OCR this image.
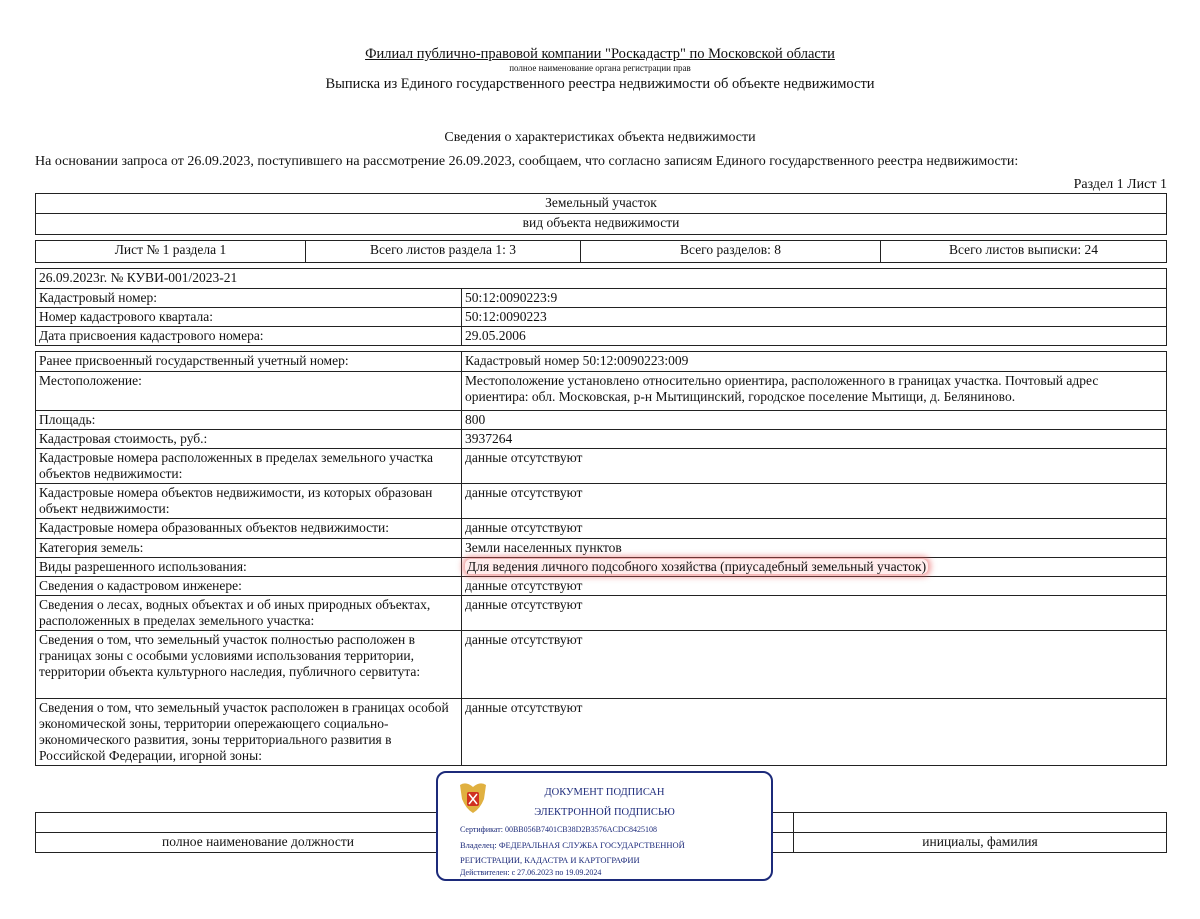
Филиал публично-правовой компании "Роскадастр" по Московской области
полное наименование органа регистрации прав
Выписка из Единого государственного реестра недвижимости об объекте недвижимости
Сведения о характеристиках объекта недвижимости
На основании запроса от 26.09.2023, поступившего на рассмотрение 26.09.2023, сообщаем, что согласно записям Единого государственного реестра недвижимости:
Раздел 1 Лист 1
Земельный участок
вид объекта недвижимости
Лист № 1 раздела 1	Всего листов раздела 1: 3	Всего разделов: 8	Всего листов выписки: 24
26.09.2023г. № КУВИ-001/2023-21	
Кадастровый номер:	50:12:0090223:9
Номер кадастрового квартала:	50:12:0090223
Дата присвоения кадастрового номера:	29.05.2006
Ранее присвоенный государственный учетный номер:	Кадастровый номер 50:12:0090223:009
Местоположение:	Местоположение установлено относительно ориентира, расположенного в границах участка. Почтовый адрес ориентира: обл. Московская, р-н Мытищинский, городское поселение Мытищи, д. Беляниново.
Площадь:	800
Кадастровая стоимость, руб.:	3937264
Кадастровые номера расположенных в пределах земельного участка объектов недвижимости:	данные отсутствуют
Кадастровые номера объектов недвижимости, из которых образован объект недвижимости:	данные отсутствуют
Кадастровые номера образованных объектов недвижимости:	данные отсутствуют
Категория земель:	Земли населенных пунктов
Виды разрешенного использования:	Для ведения личного подсобного хозяйства (приусадебный земельный участок)
Сведения о кадастровом инженере:	данные отсутствуют
Сведения о лесах, водных объектах и об иных природных объектах, расположенных в пределах земельного участка:	данные отсутствуют
Сведения о том, что земельный участок полностью расположен в границах зоны с особыми условиями использования территории, территории объекта культурного наследия, публичного сервитута:	данные отсутствуют
Сведения о том, что земельный участок расположен в границах особой экономической зоны, территории опережающего социально-экономического развития, зоны территориального развития в Российской Федерации, игорной зоны:	данные отсутствуют

полное наименование должности		инициалы, фамилия
ДОКУМЕНТ ПОДПИСАН
ЭЛЕКТРОННОЙ ПОДПИСЬЮ
Сертификат: 00BB056B7401CB38D2B3576ACDC8425108
Владелец: ФЕДЕРАЛЬНАЯ СЛУЖБА ГОСУДАРСТВЕННОЙ
РЕГИСТРАЦИИ, КАДАСТРА И КАРТОГРАФИИ
Действителен: с 27.06.2023 по 19.09.2024
